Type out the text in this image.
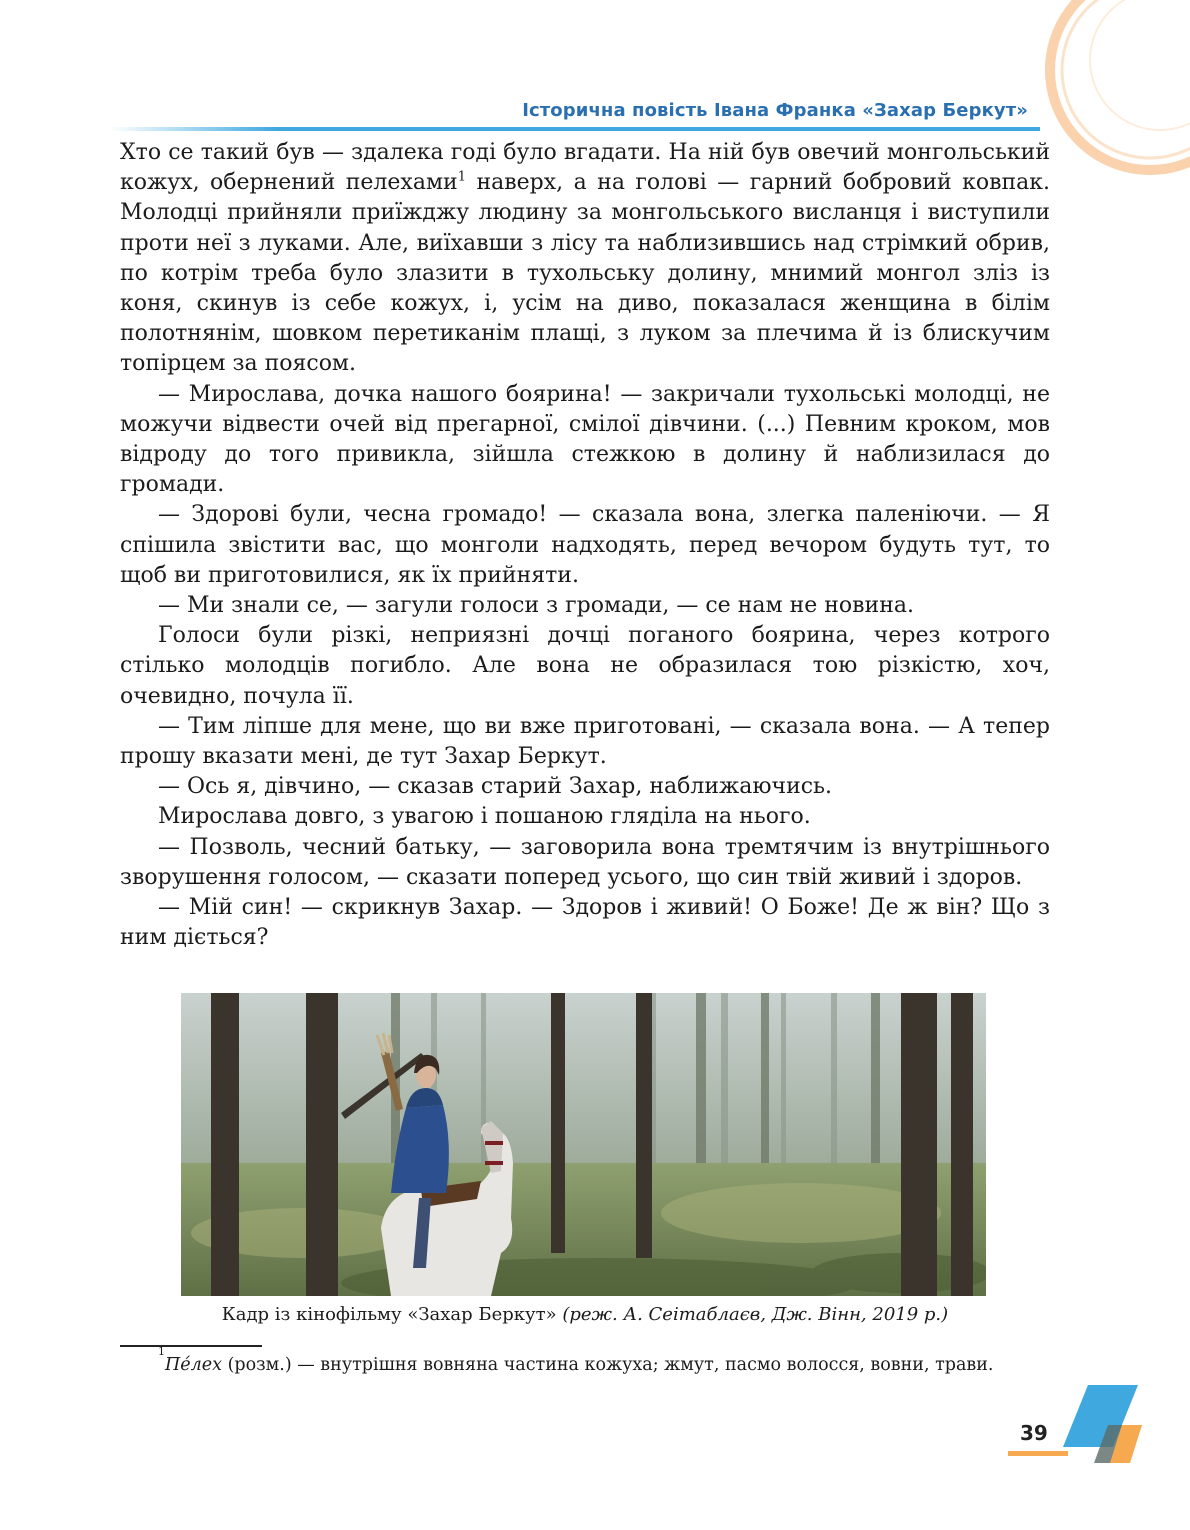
Історична повість Івана Франка «Захар Беркут»

Хто се такий був — здалека годі було вгадати. На ній був овечий монгольський кожух, обернений пелехами$^1$ наверх, а на голові — гарний бобровий ковпак. Молодці прийняли приїжджу людину за монгольського висланця і виступили проти неї з луками. Але, виїхавши з лісу та наблизившись над стрімкий обрив, по котрім треба було злазити в тухольську долину, мнимий монгол зліз із коня, скинув із себе кожух, і, усім на диво, показалася женщина в білім полотнянім, шовком перетиканім плащі, з луком за плечима й із блискучим топірцем за поясом.

— Мирослава, дочка нашого боярина! — закричали тухольські молодці, не можучи відвести очей від прегарної, смілої дівчини. (...) Певним кроком, мов відроду до того привикла, зійшла стежкою в долину й наблизилася до громади.

— Здорові були, чесна громадо! — сказала вона, злегка паленіючи. — Я спішила звістити вас, що монголи надходять, перед вечором будуть тут, то щоб ви приготовилися, як їх прийняти.

— Ми знали се, — загули голоси з громади, — се нам не новина.

Голоси були різкі, неприязні дочці поганого боярина, через котрого стілько молодців погибло. Але вона не образилася тою різкістю, хоч, очевидно, почула її.

— Тим ліпше для мене, що ви вже приготовані, — сказала вона. — А тепер прошу вказати мені, де тут Захар Беркут.

— Ось я, дівчино, — сказав старий Захар, наближаючись.

Мирослава довго, з увагою і пошаною глядiла на нього.

— Позволь, чесний батьку, — заговорила вона тремтячим із внутрішнього зворушення голосом, — сказати поперед усього, що син твій живий і здоров.

— Мій син! — скрикнув Захар. — Здоров і живий! О Боже! Де ж він? Що з ним діється?

Кадр із кінофільму «Захар Беркут» (реж. А. Сеітаблаєв, Дж. Вінн, 2019 р.)

$^1$Пе́лех (розм.) — внутрішня вовняна частина кожуха; жмут, пасмо волосся, вовни, трави.

39
